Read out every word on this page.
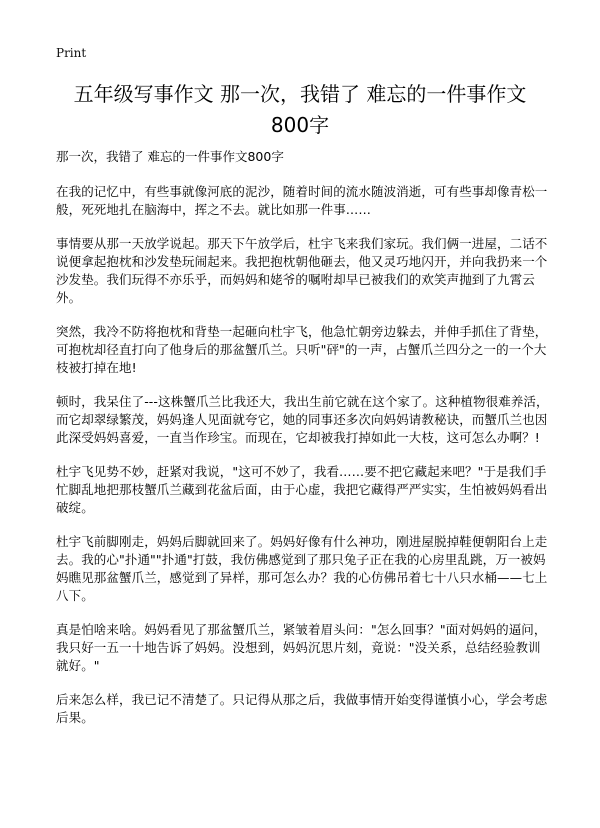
Print
五年级写事作文 那一次，我错了 难忘的一件事作文
800字

那一次，我错了 难忘的一件事作文800字

在我的记忆中，有些事就像河底的泥沙，随着时间的流水随波消逝，可有些事却像青松一般，死死地扎在脑海中，挥之不去。就比如那一件事……

事情要从那一天放学说起。那天下午放学后，杜宇飞来我们家玩。我们俩一进屋，二话不说便拿起抱枕和沙发垫玩闹起来。我把抱枕朝他砸去，他又灵巧地闪开，并向我扔来一个沙发垫。我们玩得不亦乐乎，而妈妈和姥爷的嘱咐却早已被我们的欢笑声抛到了九霄云外。

突然，我冷不防将抱枕和背垫一起砸向杜宇飞，他急忙朝旁边躲去，并伸手抓住了背垫，可抱枕却径直打向了他身后的那盆蟹爪兰。只听"砰"的一声，占蟹爪兰四分之一的一个大枝被打掉在地!

顿时，我呆住了---这株蟹爪兰比我还大，我出生前它就在这个家了。这种植物很难养活，而它却翠绿繁茂，妈妈逢人见面就夸它，她的同事还多次向妈妈请教秘诀，而蟹爪兰也因此深受妈妈喜爱，一直当作珍宝。而现在，它却被我打掉如此一大枝，这可怎么办啊？!

杜宇飞见势不妙，赶紧对我说，"这可不妙了，我看……要不把它藏起来吧？"于是我们手忙脚乱地把那枝蟹爪兰藏到花盆后面，由于心虚，我把它藏得严严实实，生怕被妈妈看出破绽。

杜宇飞前脚刚走，妈妈后脚就回来了。妈妈好像有什么神功，刚进屋脱掉鞋便朝阳台上走去。我的心"扑通""扑通"打鼓，我仿佛感觉到了那只兔子正在我的心房里乱跳，万一被妈妈瞧见那盆蟹爪兰，感觉到了异样，那可怎么办？我的心仿佛吊着七十八只水桶——七上八下。

真是怕啥来啥。妈妈看见了那盆蟹爪兰，紧皱着眉头问："怎么回事？"面对妈妈的逼问，我只好一五一十地告诉了妈妈。没想到，妈妈沉思片刻，竟说："没关系，总结经验教训就好。"

后来怎么样，我已记不清楚了。只记得从那之后，我做事情开始变得谨慎小心，学会考虑后果。
